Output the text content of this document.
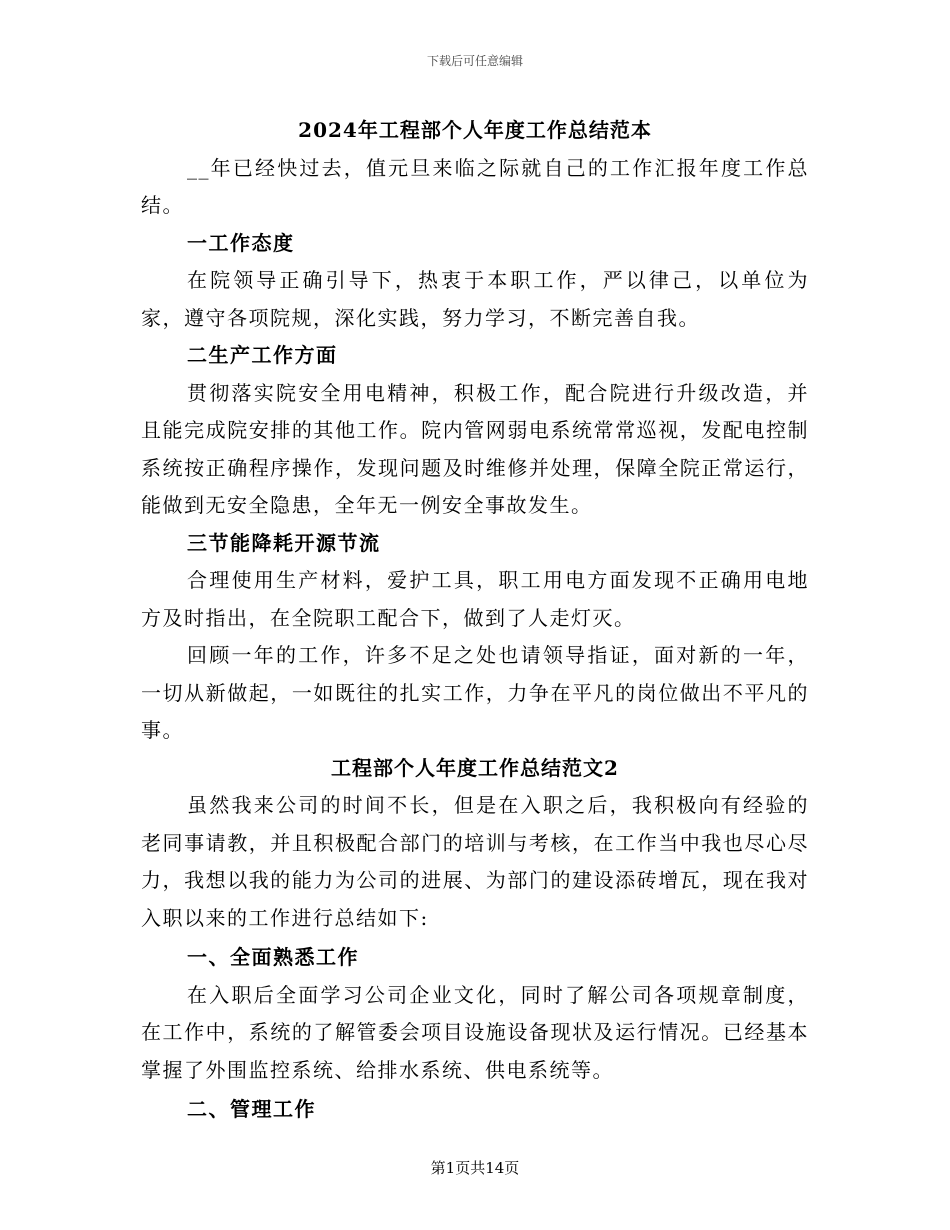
下载后可任意编辑
2024年工程部个人年度工作总结范本
__年已经快过去，值元旦来临之际就自己的工作汇报年度工作总结。
一工作态度
在院领导正确引导下，热衷于本职工作，严以律己，以单位为家，遵守各项院规，深化实践，努力学习，不断完善自我。
二生产工作方面
贯彻落实院安全用电精神，积极工作，配合院进行升级改造，并且能完成院安排的其他工作。院内管网弱电系统常常巡视，发配电控制系统按正确程序操作，发现问题及时维修并处理，保障全院正常运行，能做到无安全隐患，全年无一例安全事故发生。
三节能降耗开源节流
合理使用生产材料，爱护工具，职工用电方面发现不正确用电地方及时指出，在全院职工配合下，做到了人走灯灭。
回顾一年的工作，许多不足之处也请领导指证，面对新的一年，一切从新做起，一如既往的扎实工作，力争在平凡的岗位做出不平凡的事。
工程部个人年度工作总结范文2
虽然我来公司的时间不长，但是在入职之后，我积极向有经验的老同事请教，并且积极配合部门的培训与考核，在工作当中我也尽心尽力，我想以我的能力为公司的进展、为部门的建设添砖增瓦，现在我对入职以来的工作进行总结如下:
一、全面熟悉工作
在入职后全面学习公司企业文化，同时了解公司各项规章制度，在工作中，系统的了解管委会项目设施设备现状及运行情况。已经基本掌握了外围监控系统、给排水系统、供电系统等。
二、管理工作
第1页共14页
